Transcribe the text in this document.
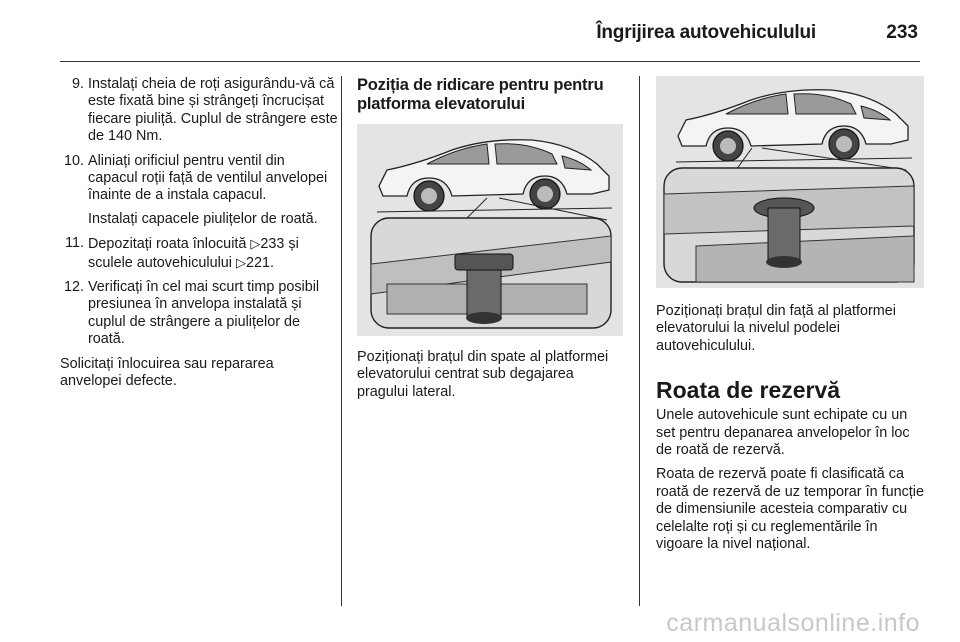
Îngrijirea autovehiculului	233
9. Instalați cheia de roți asigurându-vă că este fixată bine și strângeți încrucișat fiecare piuliță. Cuplul de strângere este de 140 Nm.
10. Aliniați orificiul pentru ventil din capacul roții față de ventilul anvelopei înainte de a instala capacul.
Instalați capacele piulițelor de roată.
11. Depozitați roata înlocuită ▷233 și sculele autovehiculului ▷221.
12. Verificați în cel mai scurt timp posibil presiunea în anvelopa instalată și cuplul de strângere a piulițelor de roată.

Solicitați înlocuirea sau repararea anvelopei defecte.

Poziția de ridicare pentru pentru platforma elevatorului

Poziționați brațul din spate al platformei elevatorului centrat sub degajarea pragului lateral.

Poziționați brațul din față al platformei elevatorului la nivelul podelei autovehiculului.

Roata de rezervă

Unele autovehicule sunt echipate cu un set pentru depanarea anvelopelor în loc de roată de rezervă.

Roata de rezervă poate fi clasificată ca roată de rezervă de uz temporar în funcție de dimensiunile acesteia comparativ cu celelalte roți și cu reglementările în vigoare la nivel național.

carmanualsonline.info
